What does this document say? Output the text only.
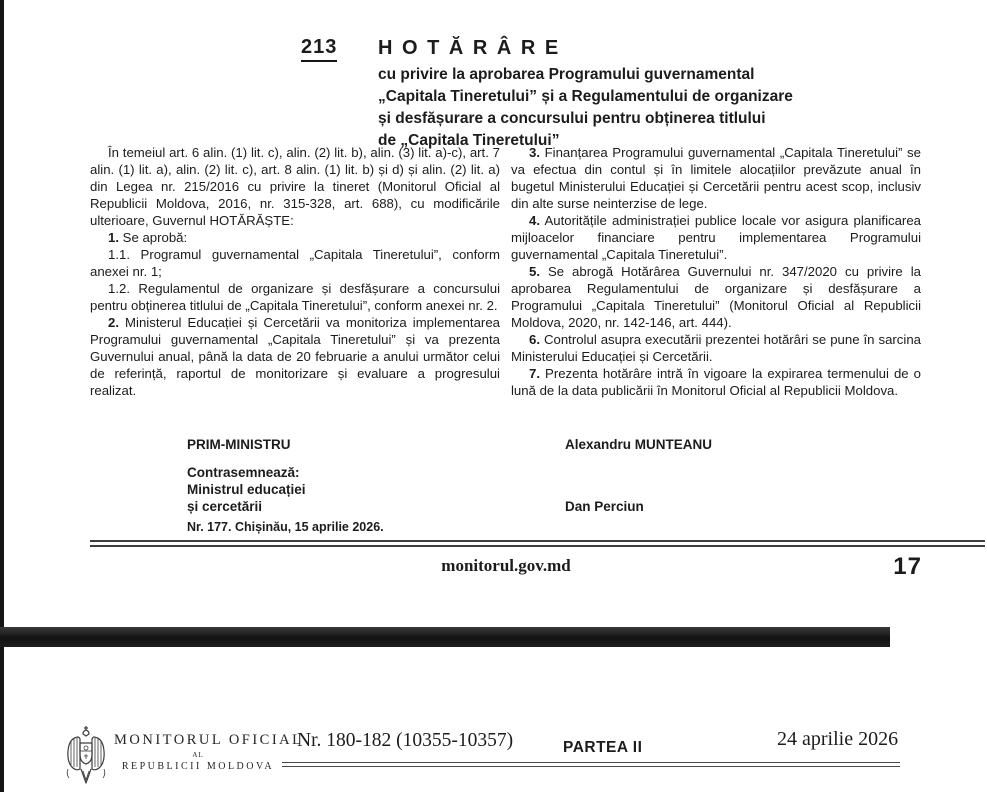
213 H O T Ă R Â R E
cu privire la aprobarea Programului guvernamental
„Capitala Tineretului” și a Regulamentului de organizare
și desfășurare a concursului pentru obținerea titlului
de „Capitala Tineretului”

În temeiul art. 6 alin. (1) lit. c), alin. (2) lit. b), alin. (3) lit. a)-c), art. 7 alin. (1) lit. a), alin. (2) lit. c), art. 8 alin. (1) lit. b) și d) și alin. (2) lit. a) din Legea nr. 215/2016 cu privire la tineret (Monitorul Oficial al Republicii Moldova, 2016, nr. 315-328, art. 688), cu modificările ulterioare, Guvernul HOTĂRĂȘTE:

1. Se aprobă:

1.1. Programul guvernamental „Capitala Tineretului”, conform anexei nr. 1;

1.2. Regulamentul de organizare și desfășurare a concursului pentru obținerea titlului de „Capitala Tineretului”, conform anexei nr. 2.

2. Ministerul Educației și Cercetării va monitoriza implementarea Programului guvernamental „Capitala Tineretului” și va prezenta Guvernului anual, până la data de 20 februarie a anului următor celui de referință, raportul de monitorizare și evaluare a progresului realizat.

3. Finanțarea Programului guvernamental „Capitala Tineretului” se va efectua din contul și în limitele alocațiilor prevăzute anual în bugetul Ministerului Educației și Cercetării pentru acest scop, inclusiv din alte surse neinterzise de lege.

4. Autoritățile administrației publice locale vor asigura planificarea mijloacelor financiare pentru implementarea Programului guvernamental „Capitala Tineretului”.

5. Se abrogă Hotărârea Guvernului nr. 347/2020 cu privire la aprobarea Regulamentului de organizare și desfășurare a Programului „Capitala Tineretului” (Monitorul Oficial al Republicii Moldova, 2020, nr. 142-146, art. 444).

6. Controlul asupra executării prezentei hotărâri se pune în sarcina Ministerului Educației și Cercetării.

7. Prezenta hotărâre intră în vigoare la expirarea termenului de o lună de la data publicării în Monitorul Oficial al Republicii Moldova.

PRIM-MINISTRU	Alexandru MUNTEANU
Contrasemnează:
Ministrul educației
și cercetării	Dan Perciun
Nr. 177. Chișinău, 15 aprilie 2026.
monitorul.gov.md	17
MONITORUL OFICIAL
AL
REPUBLICII MOLDOVA
Nr. 180-182 (10355-10357)	PARTEA II	24 aprilie 2026
